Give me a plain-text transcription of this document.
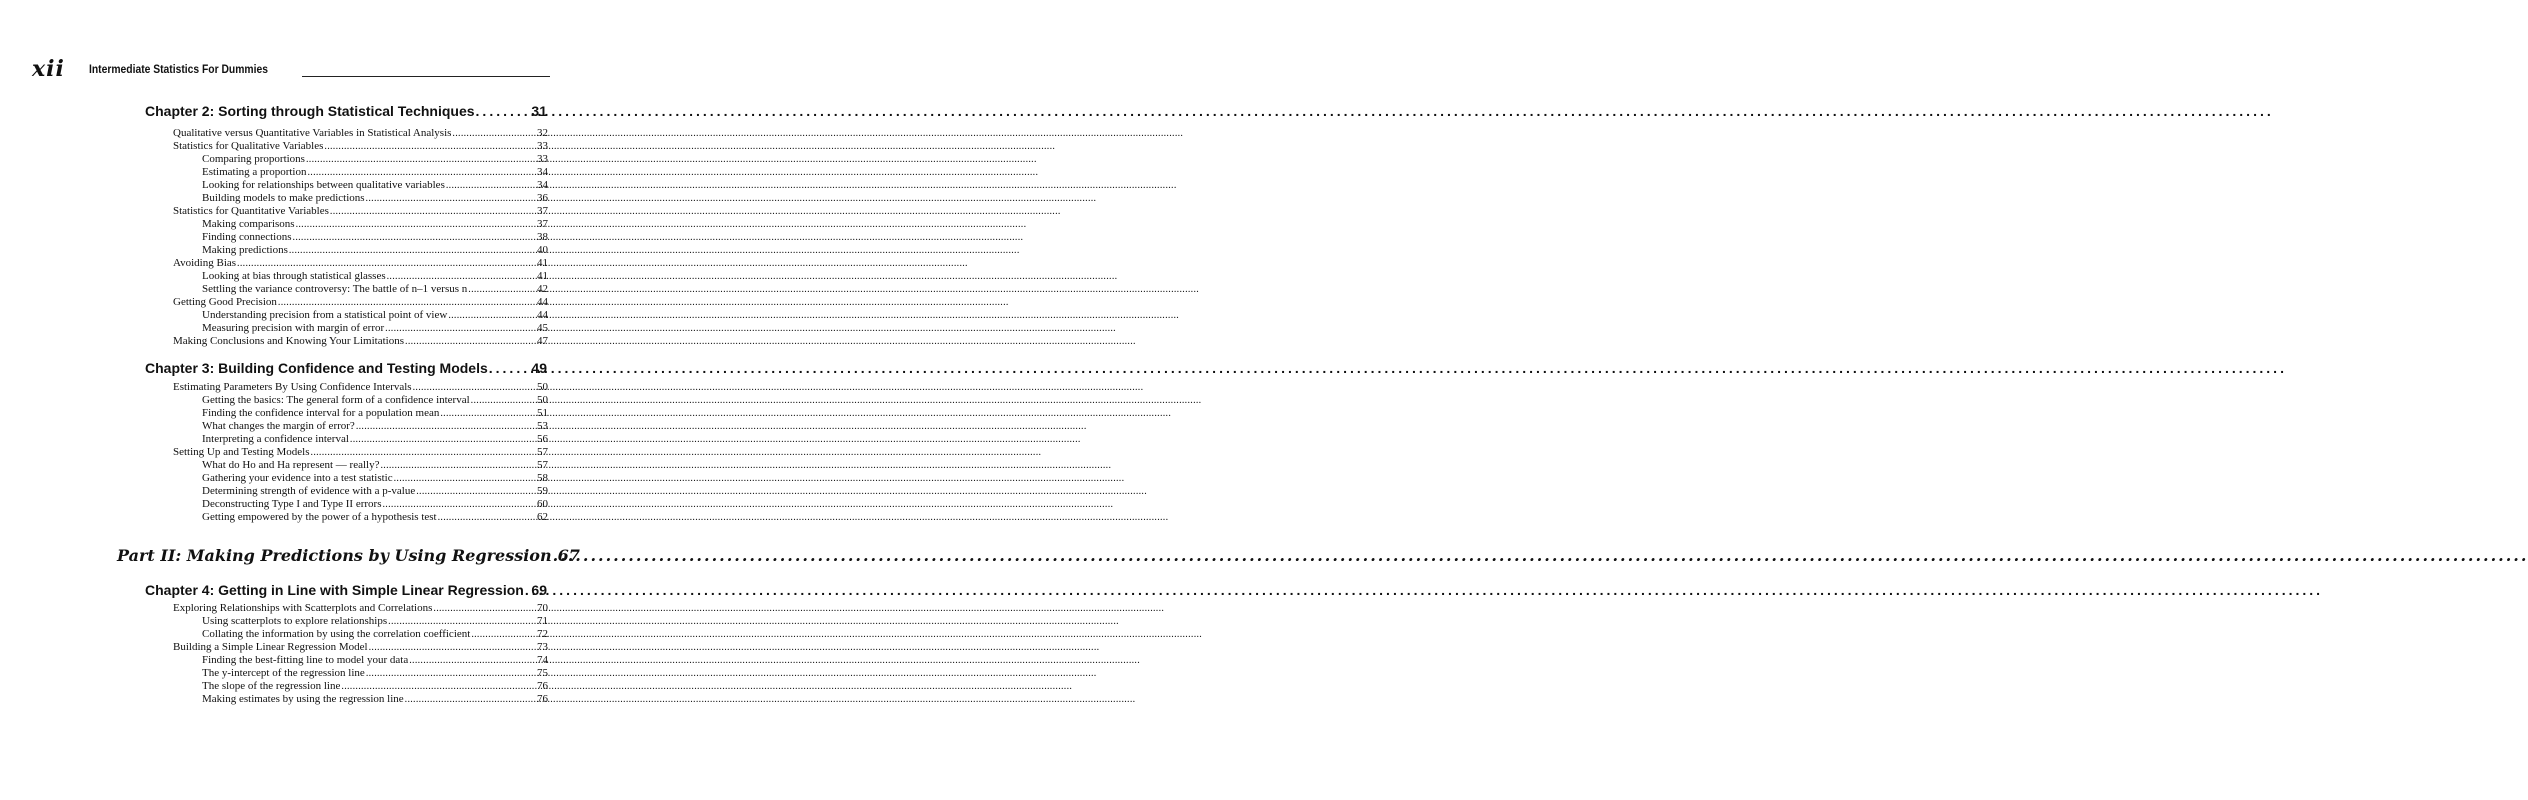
xii Intermediate Statistics For Dummies
Chapter 2: Sorting through Statistical Techniques .....	31
Qualitative versus Quantitative Variables in Statistical Analysis .....	32
Statistics for Qualitative Variables .....	33
Comparing proportions .....	33
Estimating a proportion .....	34
Looking for relationships between qualitative variables .....	34
Building models to make predictions .....	36
Statistics for Quantitative Variables .....	37
Making comparisons .....	37
Finding connections .....	38
Making predictions .....	40
Avoiding Bias .....	41
Looking at bias through statistical glasses .....	41
Settling the variance controversy: The battle of n–1 versus n .....	42
Getting Good Precision .....	44
Understanding precision from a statistical point of view .....	44
Measuring precision with margin of error .....	45
Making Conclusions and Knowing Your Limitations .....	47
Chapter 3: Building Confidence and Testing Models .....	49
Estimating Parameters By Using Confidence Intervals .....	50
Getting the basics: The general form of a confidence interval .....	50
Finding the confidence interval for a population mean .....	51
What changes the margin of error? .....	53
Interpreting a confidence interval .....	56
Setting Up and Testing Models .....	57
What do Ho and Ha represent — really? .....	57
Gathering your evidence into a test statistic .....	58
Determining strength of evidence with a p-value .....	59
Deconstructing Type I and Type II errors .....	60
Getting empowered by the power of a hypothesis test .....	62
Part II: Making Predictions by Using Regression ..... 67
Chapter 4: Getting in Line with Simple Linear Regression ..... 69
Exploring Relationships with Scatterplots and Correlations .....	70
Using scatterplots to explore relationships .....	71
Collating the information by using the correlation coefficient .....	72
Building a Simple Linear Regression Model .....	73
Finding the best-fitting line to model your data .....	74
The y-intercept of the regression line .....	75
The slope of the regression line .....	76
Making estimates by using the regression line .....	76
